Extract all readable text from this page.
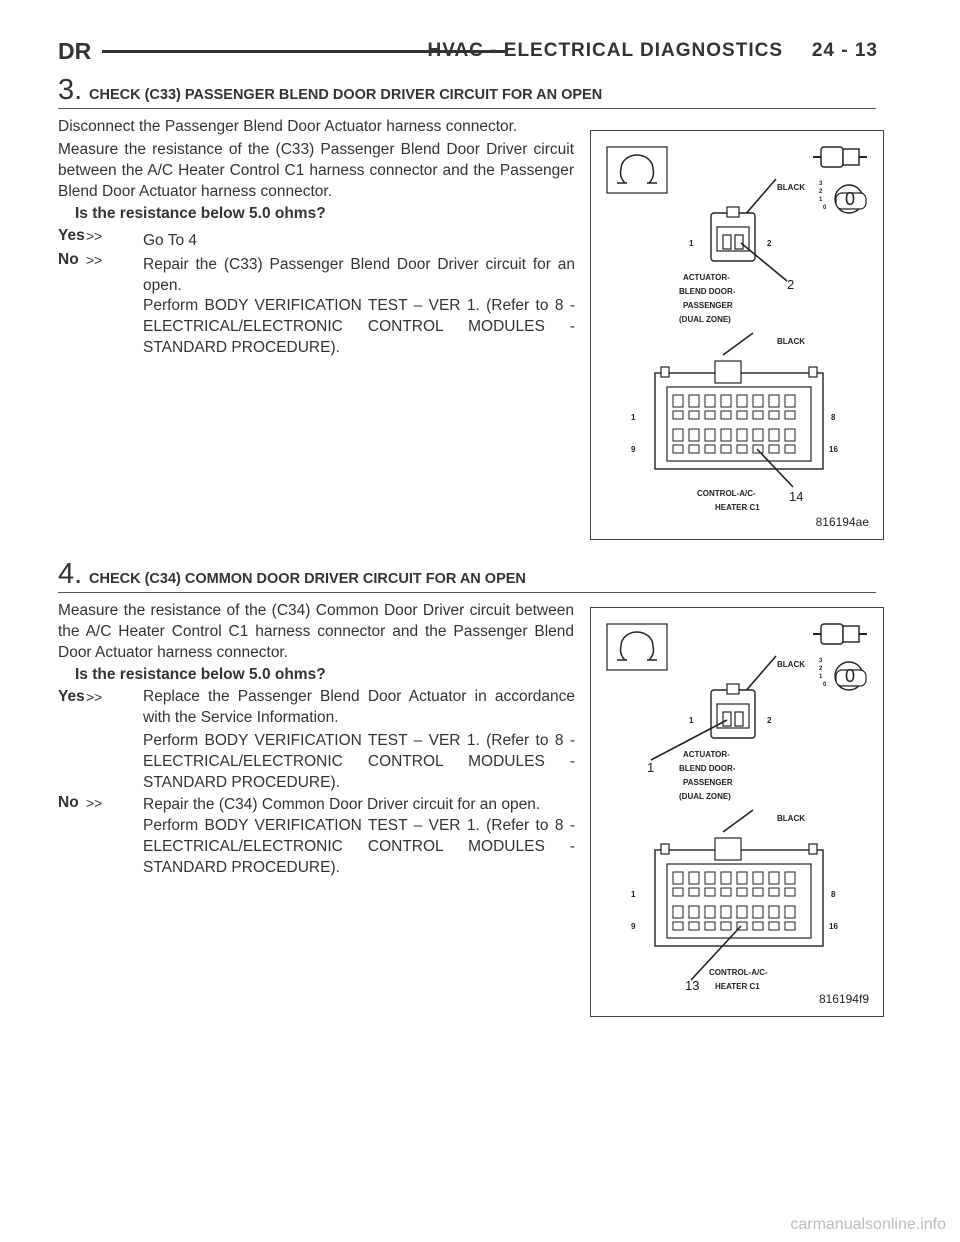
DR	HVAC - ELECTRICAL DIAGNOSTICS 24 - 13
3. CHECK (C33) PASSENGER BLEND DOOR DRIVER CIRCUIT FOR AN OPEN
Disconnect the Passenger Blend Door Actuator harness connector.
Measure the resistance of the (C33) Passenger Blend Door Driver circuit between the A/C Heater Control C1 harness connector and the Passenger Blend Door Actuator harness connector.
Is the resistance below 5.0 ohms?
Yes >>	Go To 4
No >>	Repair the (C33) Passenger Blend Door Driver circuit for an open.
Perform BODY VERIFICATION TEST – VER 1. (Refer to 8 - ELECTRICAL/ELECTRONIC CONTROL MODULES - STANDARD PROCEDURE).
BLACK 3
2
1
0 0
1	2
2
ACTUATOR-
BLEND DOOR-
PASSENGER
(DUAL ZONE)
BLACK
1	8
9	16
CONTROL-A/C-	14
HEATER C1
816194ae
4. CHECK (C34) COMMON DOOR DRIVER CIRCUIT FOR AN OPEN
Measure the resistance of the (C34) Common Door Driver circuit between the A/C Heater Control C1 harness connector and the Passenger Blend Door Actuator harness connector.
Is the resistance below 5.0 ohms?
Yes >>	Replace the Passenger Blend Door Actuator in accordance with the Service Information.
Perform BODY VERIFICATION TEST – VER 1. (Refer to 8 - ELECTRICAL/ELECTRONIC CONTROL MODULES - STANDARD PROCEDURE).
No >>	Repair the (C34) Common Door Driver circuit for an open.
Perform BODY VERIFICATION TEST – VER 1. (Refer to 8 - ELECTRICAL/ELECTRONIC CONTROL MODULES - STANDARD PROCEDURE).
BLACK 3
2
1
0 0
1	2
1
ACTUATOR-
BLEND DOOR-
PASSENGER
(DUAL ZONE)
BLACK
1	8
9	16
13
CONTROL-A/C-
HEATER C1
816194f9
carmanualsonline.info
